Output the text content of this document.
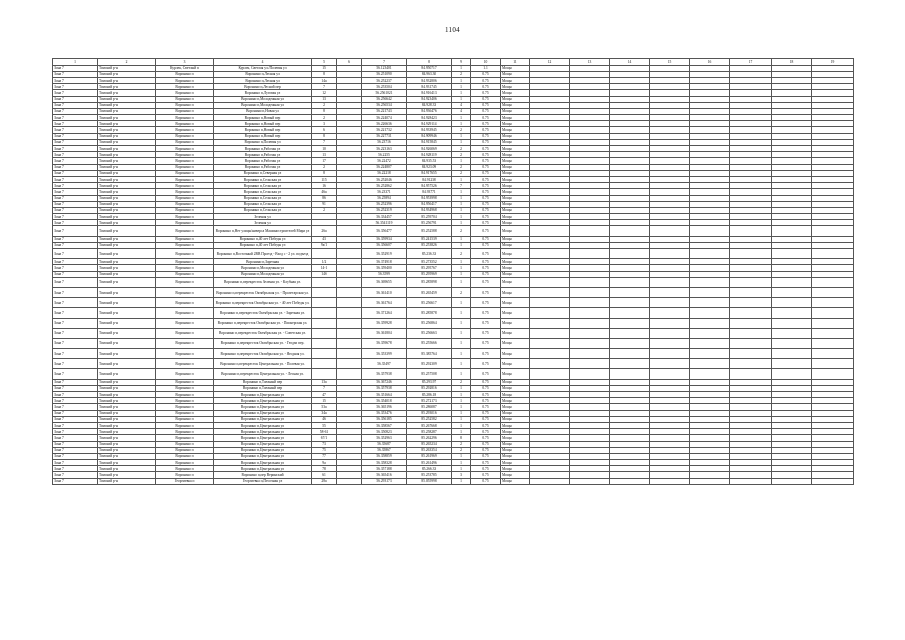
1104
1	2	3	4	5	6	7	8	9	10	11	12	13	14	15	16	17	18	19
Зона 7	Томский р-н	Курлек, Светлый п	Курлек, Светлая ул./Полевая ул	15		56.123401	84.950717	1	1.1	Мощн								
Зона 7	Томский р-н	Воронино п	Воронино п,Лесная ул	8		56.251090	84.963.30	2	0.75	Мощн								
Зона 7	Томский р-н	Воронино п	Воронино п,Лесная ул	14а		56.252237	84.932806	1	0.75	Мощн								
Зона 7	Томский р-н	Воронино п	Воронино п,Лесной пер	7		56.253504	84.931745	1	0.75	Мощн								
Зона 7	Томский р-н	Воронино п	Воронино п,Луговая ул	12		56.2561021	84.916413	1	0.75	Мощн								
Зона 7	Томский р-н	Воронино п	Воронино п,Молодежная ул	13		56.256642	84.923406	1	0.75	Мощн								
Зона 7	Томский р-н	Воронино п	Воронино п,Молодежная ул	2		56.256534	84.928.33	4	0.75	Мощн								
Зона 7	Томский р-н	Воронино п	Воронино п,Новая ул	8		56.221743	84.936476	4	0.75	Мощн								
Зона 7	Томский р-н	Воронино п	Воронино п,Новый пер	2		56.224074	84.928423	1	0.75	Мощн								
Зона 7	Томский р-н	Воронино п	Воронино п,Новый пер	3		56.226636	84.929114	1	0.75	Мощн								
Зона 7	Томский р-н	Воронино п	Воронино п,Новый пер	6		56.221732	84.933945	2	0.75	Мощн								
Зона 7	Томский р-н	Воронино п	Воронино п,Новый пер	8		56.227731	84.909946	1	0.75	Мощн								
Зона 7	Томский р-н	Воронино п	Воронино п,Полевая ул	7		56.23716	84.915845	1	0.75	Мощн								
Зона 7	Томский р-н	Воронино п	Воронино п,Рабочая ул	10		56.223163	84.926069	2	0.75	Мощн								
Зона 7	Томский р-н	Воронино п	Воронино п,Рабочая ул	13		56.2255	84.928119	2	0.75	Мощн								
Зона 7	Томский р-н	Воронино п	Воронино п,Рабочая ул	17		56.22472	84.935.53	1	0.75	Мощн								
Зона 7	Томский р-н	Воронино п	Воронино п,Рабочая ул	2		56.224807	84.923.09	2	0.75	Мощн								
Зона 7	Томский р-н	Воронино п	Воронино п,Северная ул	8		56.22218	84.917655	2	0.75	Мощн								
Зона 7	Томский р-н	Воронино п	Воронино п,Сельская ул	115		56.252046	84.91238	1	0.75	Мощн								
Зона 7	Томский р-н	Воронино п	Воронино п,Сельская ул	16		56.252862	84.957526	7	0.75	Мощн								
Зона 7	Томский р-н	Воронино п	Воронино п,Сельская ул	46а		56.23371	84.93771	1	0.75	Мощн								
Зона 7	Томский р-н	Воронино п	Воронино п,Сельская ул	86		56.25894	84.953998	1	0.75	Мощн								
Зона 7	Томский р-н	Воронино п	Воронино п,Сельская ул	91		56.252396	84.956417	1	0.75	Мощн								
Зона 7	Томский р-н	Воронино п	Воронино п,Сельская ул	2		56.252319	84.934968	1	0.75	Мощн								
Зона 7	Томский р-н	Воронино п	Зеленая ул			56.334457	85.259704	1	0.75	Мощн								
Зона 7	Томский р-н	Воронино п	Зеленая ул			56.3541119	85.256791	1	0.75	Мощн								
Зона 7	Томский р-н	Воронино п	Воронино п,Нет улицы/ниверса Машиностроителей Мира ул	26а		56.356477	85.252588	2	0.75	Мощн								
Зона 7	Томский р-н	Воронино п	Воронино п,40 лет Победы ул	43		56.359934	85.241539	1	0.75	Мощн								
Зона 7	Томский р-н	Воронино п	Воронино п,40 лет Победы ул	9а/1		56.356607	85.253826	1	0.75	Мощн								
Зона 7	Томский р-н	Воронино п	Воронино п,Восточный 2ВВ Проезд - Вход с - 2 ул. подъезд			56.352919	85.236.33	2	0.75	Мощн								
Зона 7	Томский р-н	Воронино п	Воронино п,Заречная	1/2		56.374918	85.273552	1	0.75	Мощн								
Зона 7	Томский р-н	Воронино п	Воронино п,Молодежная ул	14-1		56.359400	85.295767	1	0.75	Мощн								
Зона 7	Томский р-н	Воронино п	Воронино п,Молодежная ул	14б		56.3599	85.295969	1	0.75	Мощн								
Зона 7	Томский р-н	Воронино п	Воронино п,перекресток Зеленая ул. - Клубная ул.			56.369655	85.285898	1	0.75	Мощн								
Зона 7	Томский р-н	Воронино п	Воронино п,перекресток Октябрьская ул. - Пролетарская ул.			56.361410	85.265459	2	0.75	Мощн								
Зона 7	Томский р-н	Воронино п	Воронино п,перекресток Октябрьская ул. - 40 лет Победы ул.			56.361764	85.256617	1	0.75	Мощн								
Зона 7	Томский р-н	Воронино п	Воронино п,перекресток Октябрьская ул. - Заречная ул.			56.371264	85.285878	1	0.75	Мощн								
Зона 7	Томский р-н	Воронино п	Воронино п,перекресток Октябрьская ул. - Пионерская ул.			56.359928	85.256864	1	0.75	Мощн								
Зона 7	Томский р-н	Воронино п	Воронино п,перекресток Октябрьская ул. - Советская ул.			56.361804	85.256663	1	0.75	Мощн								
Зона 7	Томский р-н	Воронино п	Воронино п,перекресток Октябрьская ул. - Геодзи пер.			56.359678	85.255666	1	0.75	Мощн								
Зона 7	Томский р-н	Воронино п	Воронино п,перекресток Октябрьская ул. - Ягодная ул.			56.353399	85.385764	1	0.75	Мощн								
Зона 7	Томский р-н	Воронино п	Воронино п,перекресток Центральная ул. - Полевая ул.			56.35497	85.292309	1	0.75	Мощн								
Зона 7	Томский р-н	Воронино п	Воронино п,перекресток Центральная ул. - Лесная ул.			56.357938	85.257508	1	0.75	Мощн								
Зона 7	Томский р-н	Воронино п	Воронино п,Таежный пер	13а		56.367246	85.293.97	2	0.75	Мощн								
Зона 7	Томский р-н	Воронино п	Воронино п,Таежный пер	7		56.357938	85.292816	1	0.75	Мощн								
Зона 7	Томский р-н	Воронино п	Воронино п,Центральная ул	47		56.351664	85.286.18	1	0.75	Мощн								
Зона 7	Томский р-н	Воронино п	Воронино п,Центральная ул	15		56.354018	85.272173	1	0.75	Мощн								
Зона 7	Томский р-н	Воронино п	Воронино п,Центральная ул	53а		56.365196	85.286087	1	0.75	Мощн								
Зона 7	Томский р-н	Воронино п	Воронино п,Центральная ул	34а		56.353476	85.293016	1	0.75	Мощн								
Зона 7	Томский р-н	Воронино п	Воронино п,Центральная ул	46		56.356185	85.252582	1	0.75	Мощн								
Зона 7	Томский р-н	Воронино п	Воронино п,Центральная ул	55		56.358567	85.267668	1	0.75	Мощн								
Зона 7	Томский р-н	Воронино п	Воронино п,Центральная ул	58-61		56.350823	85.258287	1	0.75	Мощн								
Зона 7	Томский р-н	Воронино п	Воронино п,Центральная ул	67/1		56.352963	85.262296	8	0.75	Мощн								
Зона 7	Томский р-н	Воронино п	Воронино п,Центральная ул	73		56.35687	85.265234	2	0.75	Мощн								
Зона 7	Томский р-н	Воронино п	Воронино п,Центральная ул	75		56.35867	85.263354	2	0.75	Мощн								
Зона 7	Томский р-н	Воронино п	Воронино п,Центральная ул	77		56.358859	85.261969	1	0.75	Мощн								
Зона 7	Томский р-н	Воронино п	Воронино п,Центральная ул	9а		56.358328	85.261496	1	0.75	Мощн								
Зона 7	Томский р-н	Воронино п	Воронино п,Центральная ул	78		56.357188	85.266.33	1	0.75	Мощн								
Зона 7	Томский р-н	Воронино п	Воронино п,пер Веринский	61		56.365416	85.253785	3	0.75	Мощн								
Зона 7	Томский р-н	Георгиевка п	Георгиевка п,Песочная ул	28а		56.293173	85.055998	1	0.75	Мощн								
